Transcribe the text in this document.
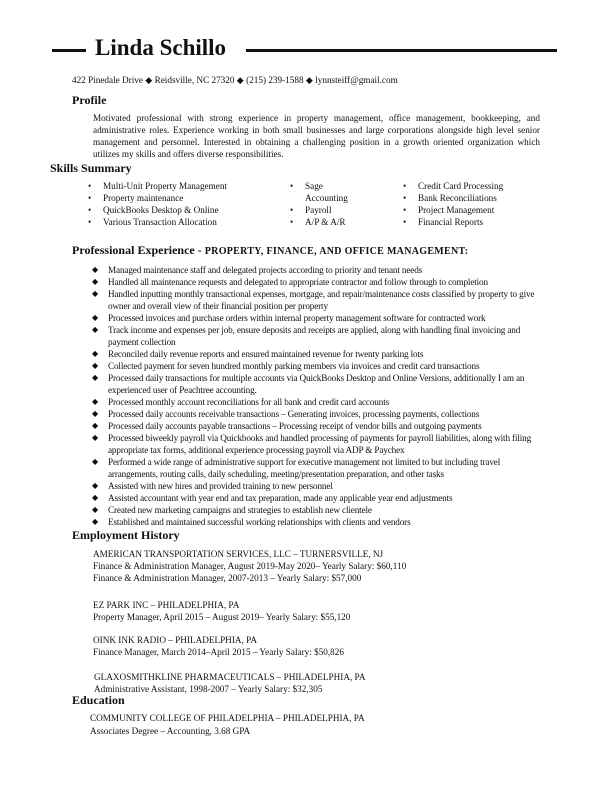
Linda Schillo
422 Pinedale Drive ◆ Reidsville, NC 27320 ◆ (215) 239-1588 ◆ lynnsteiff@gmail.com
Profile
Motivated professional with strong experience in property management, office management, bookkeeping, and administrative roles. Experience working in both small businesses and large corporations alongside high level senior management and personnel. Interested in obtaining a challenging position in a growth oriented organization which utilizes my skills and offers diverse responsibilities.
Skills Summary
• Multi-Unit Property Management
• Property maintenance
• QuickBooks Desktop & Online
• Various Transaction Allocation
• Sage
Accounting
• Payroll
• A/P & A/R
• Credit Card Processing
• Bank Reconciliations
• Project Management
• Financial Reports
Professional Experience - PROPERTY, FINANCE, AND OFFICE MANAGEMENT:
◆ Managed maintenance staff and delegated projects according to priority and tenant needs
◆ Handled all maintenance requests and delegated to appropriate contractor and follow through to completion
◆ Handled inputting monthly transactional expenses, mortgage, and repair/maintenance costs classified by property to give owner and overall view of their financial position per property
◆ Processed invoices and purchase orders within internal property management software for contracted work
◆ Track income and expenses per job, ensure deposits and receipts are applied, along with handling final invoicing and payment collection
◆ Reconciled daily revenue reports and ensured maintained revenue for twenty parking lots
◆ Collected payment for seven hundred monthly parking members via invoices and credit card transactions
◆ Processed daily transactions for multiple accounts via QuickBooks Desktop and Online Versions, additionally I am an experienced user of Peachtree accounting.
◆ Processed monthly account reconciliations for all bank and credit card accounts
◆ Processed daily accounts receivable transactions – Generating invoices, processing payments, collections
◆ Processed daily accounts payable transactions – Processing receipt of vendor bills and outgoing payments
◆ Processed biweekly payroll via Quickbooks and handled processing of payments for payroll liabilities, along with filing appropriate tax forms, additional experience processing payroll via ADP & Paychex
◆ Performed a wide range of administrative support for executive management not limited to but including travel arrangements, routing calls, daily scheduling, meeting/presentation preparation, and other tasks
◆ Assisted with new hires and provided training to new personnel
◆ Assisted accountant with year end and tax preparation, made any applicable year end adjustments
◆ Created new marketing campaigns and strategies to establish new clientele
◆ Established and maintained successful working relationships with clients and vendors
Employment History
AMERICAN TRANSPORTATION SERVICES, LLC – TURNERSVILLE, NJ
Finance & Administration Manager, August 2019-May 2020– Yearly Salary: $60,110
Finance & Administration Manager, 2007-2013 – Yearly Salary: $57,000
EZ PARK INC – PHILADELPHIA, PA
Property Manager, April 2015 – August 2019– Yearly Salary: $55,120
OINK INK RADIO – PHILADELPHIA, PA
Finance Manager, March 2014–April 2015 – Yearly Salary: $50,826
GLAXOSMITHKLINE PHARMACEUTICALS – PHILADELPHIA, PA
Administrative Assistant, 1998-2007 – Yearly Salary: $32,305
Education
COMMUNITY COLLEGE OF PHILADELPHIA – PHILADELPHIA, PA
Associates Degree – Accounting, 3.68 GPA
